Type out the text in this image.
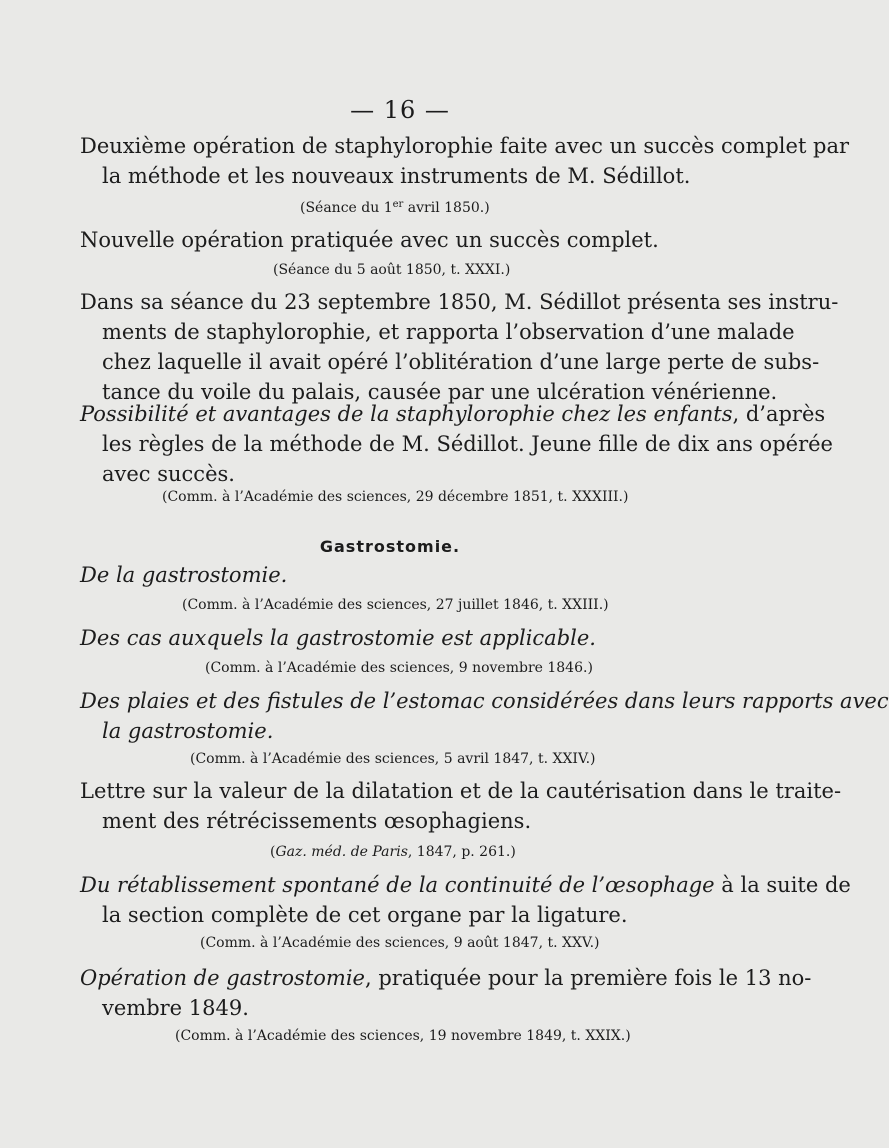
— 16 —
Deuxième opération de staphylorophie faite avec un succès complet par
la méthode et les nouveaux instruments de M. Sédillot.
(Séance du 1er avril 1850.)
Nouvelle opération pratiquée avec un succès complet.
(Séance du 5 août 1850, t. XXXI.)
Dans sa séance du 23 septembre 1850, M. Sédillot présenta ses instru-
ments de staphylorophie, et rapporta l’observation d’une malade
chez laquelle il avait opéré l’oblitération d’une large perte de subs-
tance du voile du palais, causée par une ulcération vénérienne.
Possibilité et avantages de la staphylorophie chez les enfants, d’après
les règles de la méthode de M. Sédillot. Jeune fille de dix ans opérée
avec succès.
(Comm. à l’Académie des sciences, 29 décembre 1851, t. XXXIII.)
Gastrostomie.
De la gastrostomie.
(Comm. à l’Académie des sciences, 27 juillet 1846, t. XXIII.)
Des cas auxquels la gastrostomie est applicable.
(Comm. à l’Académie des sciences, 9 novembre 1846.)
Des plaies et des fistules de l’estomac considérées dans leurs rapports avec
la gastrostomie.
(Comm. à l’Académie des sciences, 5 avril 1847, t. XXIV.)
Lettre sur la valeur de la dilatation et de la cautérisation dans le traite-
ment des rétrécissements œsophagiens.
(Gaz. méd. de Paris, 1847, p. 261.)
Du rétablissement spontané de la continuité de l’œsophage à la suite de
la section complète de cet organe par la ligature.
(Comm. à l’Académie des sciences, 9 août 1847, t. XXV.)
Opération de gastrostomie, pratiquée pour la première fois le 13 no-
vembre 1849.
(Comm. à l’Académie des sciences, 19 novembre 1849, t. XXIX.)
